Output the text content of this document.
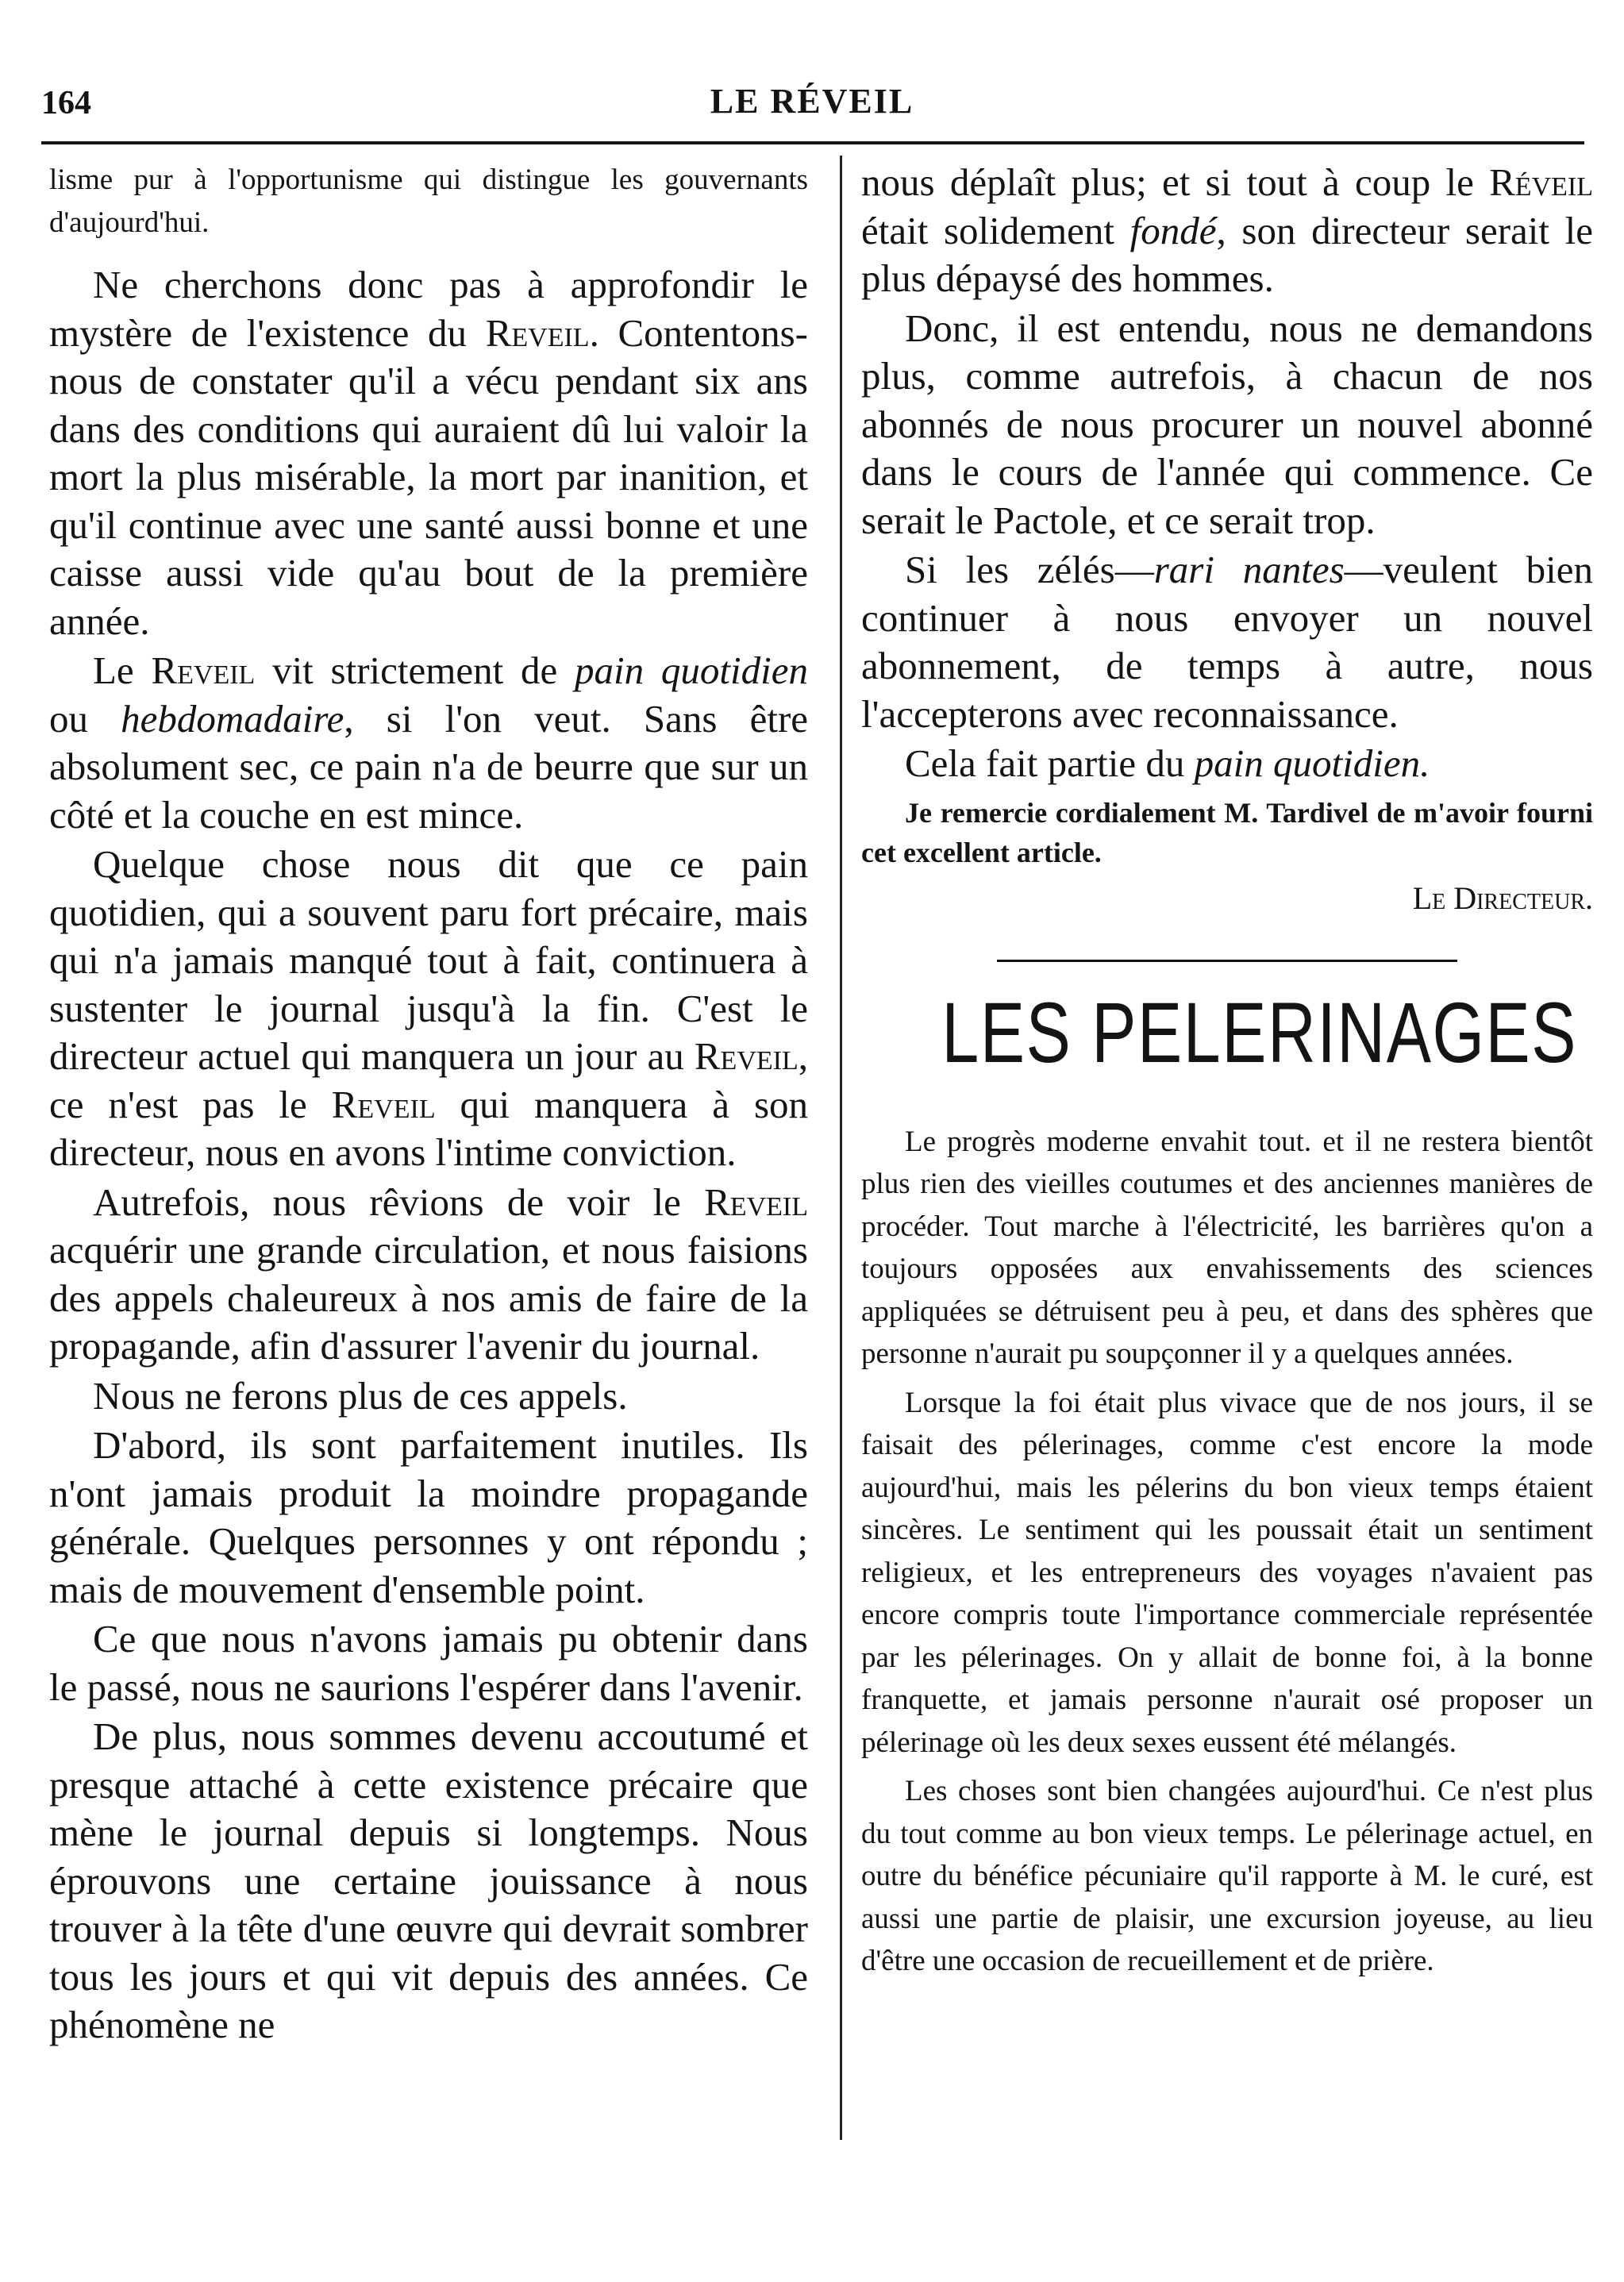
164	LE RÉVEIL

lisme pur à l'opportunisme qui distingue les gouvernants d'aujourd'hui.

Ne cherchons donc pas à approfondir le mystère de l'existence du Reveil. Contentons-nous de constater qu'il a vécu pendant six ans dans des conditions qui auraient dû lui valoir la mort la plus misérable, la mort par inanition, et qu'il continue avec une santé aussi bonne et une caisse aussi vide qu'au bout de la première année.

Le Reveil vit strictement de pain quotidien ou hebdomadaire, si l'on veut. Sans être absolument sec, ce pain n'a de beurre que sur un côté et la couche en est mince.

Quelque chose nous dit que ce pain quotidien, qui a souvent paru fort précaire, mais qui n'a jamais manqué tout à fait, continuera à sustenter le journal jusqu'à la fin. C'est le directeur actuel qui manquera un jour au Reveil, ce n'est pas le Reveil qui manquera à son directeur, nous en avons l'intime conviction.

Autrefois, nous rêvions de voir le Reveil acquérir une grande circulation, et nous faisions des appels chaleureux à nos amis de faire de la propagande, afin d'assurer l'avenir du journal.

Nous ne ferons plus de ces appels.

D'abord, ils sont parfaitement inutiles. Ils n'ont jamais produit la moindre propagande générale. Quelques personnes y ont répondu ; mais de mouvement d'ensemble point.

Ce que nous n'avons jamais pu obtenir dans le passé, nous ne saurions l'espérer dans l'avenir.

De plus, nous sommes devenu accoutumé et presque attaché à cette existence précaire que mène le journal depuis si longtemps. Nous éprouvons une certaine jouissance à nous trouver à la tête d'une œuvre qui devrait sombrer tous les jours et qui vit depuis des années. Ce phénomène ne

nous déplaît plus; et si tout à coup le Réveil était solidement fondé, son directeur serait le plus dépaysé des hommes.

Donc, il est entendu, nous ne demandons plus, comme autrefois, à chacun de nos abonnés de nous procurer un nouvel abonné dans le cours de l'année qui commence. Ce serait le Pactole, et ce serait trop.

Si les zélés—rari nantes—veulent bien continuer à nous envoyer un nouvel abonnement, de temps à autre, nous l'accepterons avec reconnaissance.

Cela fait partie du pain quotidien.

Je remercie cordialement M. Tardivel de m'avoir fourni cet excellent article.

Le Directeur.
LES PELERINAGES

Le progrès moderne envahit tout. et il ne restera bientôt plus rien des vieilles coutumes et des anciennes manières de procéder. Tout marche à l'électricité, les barrières qu'on a toujours opposées aux envahissements des sciences appliquées se détruisent peu à peu, et dans des sphères que personne n'aurait pu soupçonner il y a quelques années.

Lorsque la foi était plus vivace que de nos jours, il se faisait des pélerinages, comme c'est encore la mode aujourd'hui, mais les pélerins du bon vieux temps étaient sincères. Le sentiment qui les poussait était un sentiment religieux, et les entrepreneurs des voyages n'avaient pas encore compris toute l'importance commerciale représentée par les pélerinages. On y allait de bonne foi, à la bonne franquette, et jamais personne n'aurait osé proposer un pélerinage où les deux sexes eussent été mélangés.

Les choses sont bien changées aujourd'hui. Ce n'est plus du tout comme au bon vieux temps. Le pélerinage actuel, en outre du bénéfice pécuniaire qu'il rapporte à M. le curé, est aussi une partie de plaisir, une excursion joyeuse, au lieu d'être une occasion de recueillement et de prière.
